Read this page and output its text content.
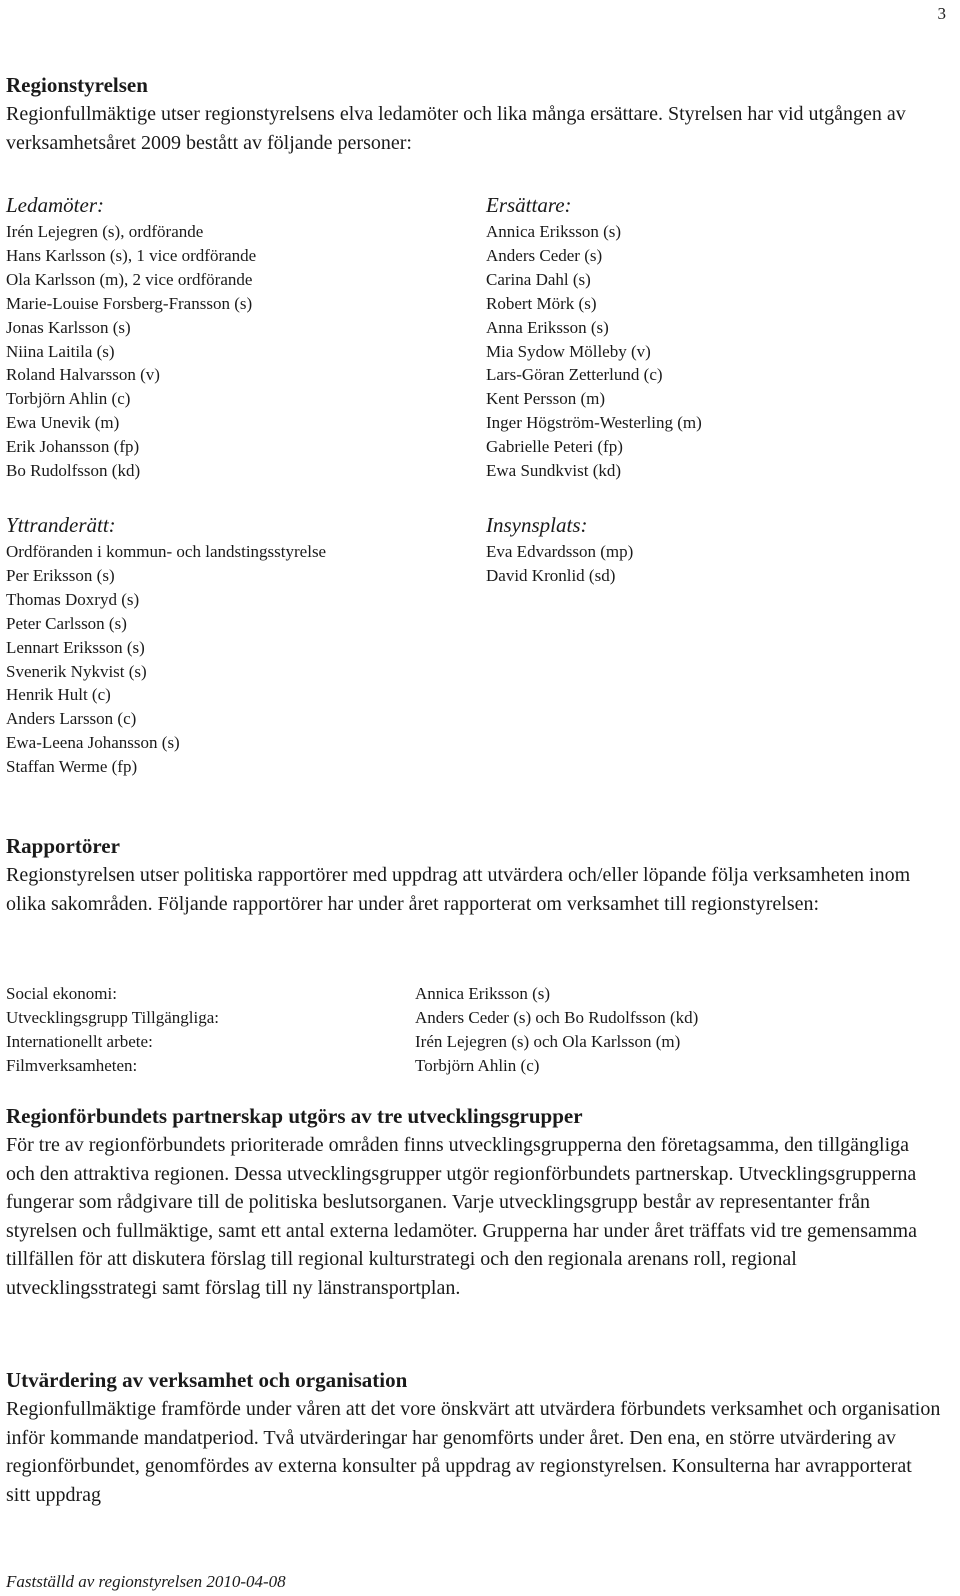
3
Regionstyrelsen

Regionfullmäktige utser regionstyrelsens elva ledamöter och lika många ersättare. Styrelsen har vid utgången av verksamhetsåret 2009 bestått av följande personer:

Ledamöter:
Irén Lejegren (s), ordförande
Hans Karlsson (s), 1 vice ordförande
Ola Karlsson (m), 2 vice ordförande
Marie-Louise Forsberg-Fransson (s)
Jonas Karlsson (s)
Niina Laitila (s)
Roland Halvarsson (v)
Torbjörn Ahlin (c)
Ewa Unevik (m)
Erik Johansson (fp)
Bo Rudolfsson (kd)
Ersättare:
Annica Eriksson (s)
Anders Ceder (s)
Carina Dahl (s)
Robert Mörk (s)
Anna Eriksson (s)
Mia Sydow Mölleby (v)
Lars-Göran Zetterlund (c)
Kent Persson (m)
Inger Högström-Westerling (m)
Gabrielle Peteri (fp)
Ewa Sundkvist (kd)
Yttranderätt:
Ordföranden i kommun- och landstingsstyrelse
Per Eriksson (s)
Thomas Doxryd (s)
Peter Carlsson (s)
Lennart Eriksson (s)
Svenerik Nykvist (s)
Henrik Hult (c)
Anders Larsson (c)
Ewa-Leena Johansson (s)
Staffan Werme (fp)
Insynsplats:
Eva Edvardsson (mp)
David Kronlid (sd)
Rapportörer

Regionstyrelsen utser politiska rapportörer med uppdrag att utvärdera och/eller löpande följa verksamheten inom olika sakområden. Följande rapportörer har under året rapporterat om verksamhet till regionstyrelsen:

Social ekonomi:	Annica Eriksson (s)
Utvecklingsgrupp Tillgängliga:	Anders Ceder (s) och Bo Rudolfsson (kd)
Internationellt arbete:	Irén Lejegren (s) och Ola Karlsson (m)
Filmverksamheten:	Torbjörn Ahlin (c)
Regionförbundets partnerskap utgörs av tre utvecklingsgrupper

För tre av regionförbundets prioriterade områden finns utvecklingsgrupperna den företagsamma, den tillgängliga och den attraktiva regionen. Dessa utvecklingsgrupper utgör regionförbundets partnerskap. Utvecklingsgrupperna fungerar som rådgivare till de politiska beslutsorganen. Varje utvecklingsgrupp består av representanter från styrelsen och fullmäktige, samt ett antal externa ledamöter. Grupperna har under året träffats vid tre gemensamma tillfällen för att diskutera förslag till regional kulturstrategi och den regionala arenans roll, regional utvecklingsstrategi samt förslag till ny länstransportplan.

Utvärdering av verksamhet och organisation

Regionfullmäktige framförde under våren att det vore önskvärt att utvärdera förbundets verksamhet och organisation inför kommande mandatperiod. Två utvärderingar har genomförts under året. Den ena, en större utvärdering av regionförbundet, genomfördes av externa konsulter på uppdrag av regionstyrelsen. Konsulterna har avrapporterat sitt uppdrag

Fastställd av regionstyrelsen 2010-04-08
